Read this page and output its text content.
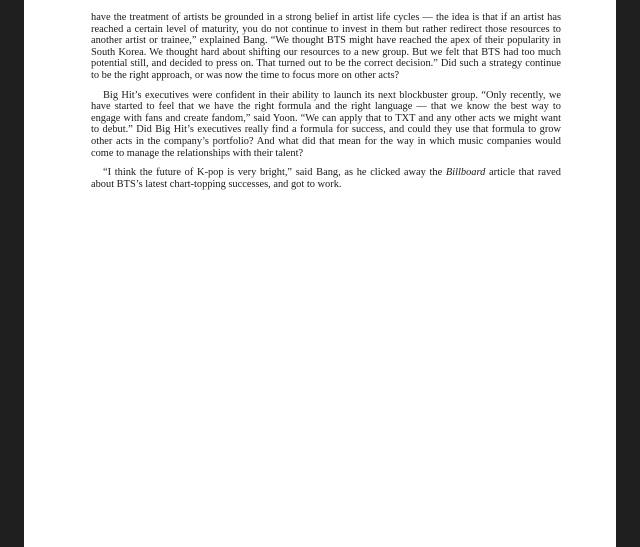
have the treatment of artists be grounded in a strong belief in artist life cycles — the idea is that if an artist has reached a certain level of maturity, you do not continue to invest in them but rather redirect those resources to another artist or trainee,” explained Bang. “We thought BTS might have reached the apex of their popularity in South Korea. We thought hard about shifting our resources to a new group. But we felt that BTS had too much potential still, and decided to press on. That turned out to be the correct decision.” Did such a strategy continue to be the right approach, or was now the time to focus more on other acts?

Big Hit’s executives were confident in their ability to launch its next blockbuster group. “Only recently, we have started to feel that we have the right formula and the right language — that we know the best way to engage with fans and create fandom,” said Yoon. “We can apply that to TXT and any other acts we might want to debut.” Did Big Hit’s executives really find a formula for success, and could they use that formula to grow other acts in the company’s portfolio? And what did that mean for the way in which music companies would come to manage the relationships with their talent?

“I think the future of K-pop is very bright,” said Bang, as he clicked away the Billboard article that raved about BTS’s latest chart-topping successes, and got to work.
